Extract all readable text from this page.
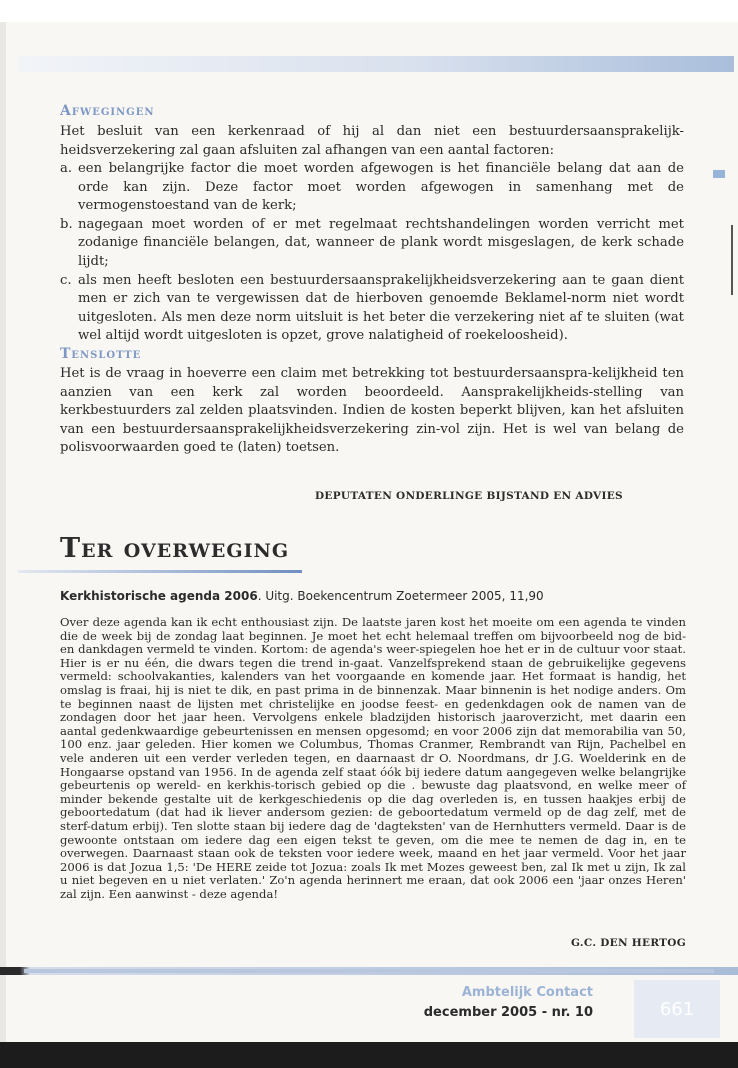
Afwegingen
Het besluit van een kerkenraad of hij al dan niet een bestuurdersaansprakelijk-heidsverzekering zal gaan afsluiten zal afhangen van een aantal factoren:
a. een belangrijke factor die moet worden afgewogen is het financiële belang dat aan de orde kan zijn. Deze factor moet worden afgewogen in samenhang met de vermogenstoestand van de kerk;
b. nagegaan moet worden of er met regelmaat rechtshandelingen worden verricht met zodanige financiële belangen, dat, wanneer de plank wordt misgeslagen, de kerk schade lijdt;
c. als men heeft besloten een bestuurdersaansprakelijkheidsverzekering aan te gaan dient men er zich van te vergewissen dat de hierboven genoemde Beklamel-norm niet wordt uitgesloten. Als men deze norm uitsluit is het beter die verzekering niet af te sluiten (wat wel altijd wordt uitgesloten is opzet, grove nalatigheid of roekeloosheid).
Tenslotte
Het is de vraag in hoeverre een claim met betrekking tot bestuurdersaanspra-kelijkheid ten aanzien van een kerk zal worden beoordeeld. Aansprakelijkheids-stelling van kerkbestuurders zal zelden plaatsvinden. Indien de kosten beperkt blijven, kan het afsluiten van een bestuurdersaansprakelijkheidsverzekering zin-vol zijn. Het is wel van belang de polisvoorwaarden goed te (laten) toetsen.
DEPUTATEN ONDERLINGE BIJSTAND EN ADVIES
Ter overweging
Kerkhistorische agenda 2006. Uitg. Boekencentrum Zoetermeer 2005, 11,90
Over deze agenda kan ik echt enthousiast zijn. De laatste jaren kost het moeite om een agenda te vinden die de week bij de zondag laat beginnen. Je moet het echt helemaal treffen om bijvoorbeeld nog de bid- en dankdagen vermeld te vinden. Kortom: de agenda's weer-spiegelen hoe het er in de cultuur voor staat. Hier is er nu één, die dwars tegen die trend in-gaat. Vanzelfsprekend staan de gebruikelijke gegevens vermeld: schoolvakanties, kalenders van het voorgaande en komende jaar. Het formaat is handig, het omslag is fraai, hij is niet te dik, en past prima in de binnenzak. Maar binnenin is het nodige anders. Om te beginnen naast de lijsten met christelijke en joodse feest- en gedenkdagen ook de namen van de zondagen door het jaar heen. Vervolgens enkele bladzijden historisch jaaroverzicht, met daarin een aantal gedenkwaardige gebeurtenissen en mensen opgesomd; en voor 2006 zijn dat memorabilia van 50, 100 enz. jaar geleden. Hier komen we Columbus, Thomas Cranmer, Rembrandt van Rijn, Pachelbel en vele anderen uit een verder verleden tegen, en daarnaast dr O. Noordmans, dr J.G. Woelderink en de Hongaarse opstand van 1956. In de agenda zelf staat óók bij iedere datum aangegeven welke belangrijke gebeurtenis op wereld- en kerkhis-torisch gebied op die . bewuste dag plaatsvond, en welke meer of minder bekende gestalte uit de kerkgeschiedenis op die dag overleden is, en tussen haakjes erbij de geboortedatum (dat had ik liever andersom gezien: de geboortedatum vermeld op de dag zelf, met de sterf-datum erbij). Ten slotte staan bij iedere dag de 'dagteksten' van de Hernhutters vermeld. Daar is de gewoonte ontstaan om iedere dag een eigen tekst te geven, om die mee te nemen de dag in, en te overwegen. Daarnaast staan ook de teksten voor iedere week, maand en het jaar vermeld. Voor het jaar 2006 is dat Jozua 1,5: 'De HERE zeide tot Jozua: zoals Ik met Mozes geweest ben, zal Ik met u zijn, Ik zal u niet begeven en u niet verlaten.' Zo'n agenda herinnert me eraan, dat ook 2006 een 'jaar onzes Heren' zal zijn. Een aanwinst - deze agenda!
G.C. DEN HERTOG
Ambtelijk Contact
december 2005 - nr. 10	661
